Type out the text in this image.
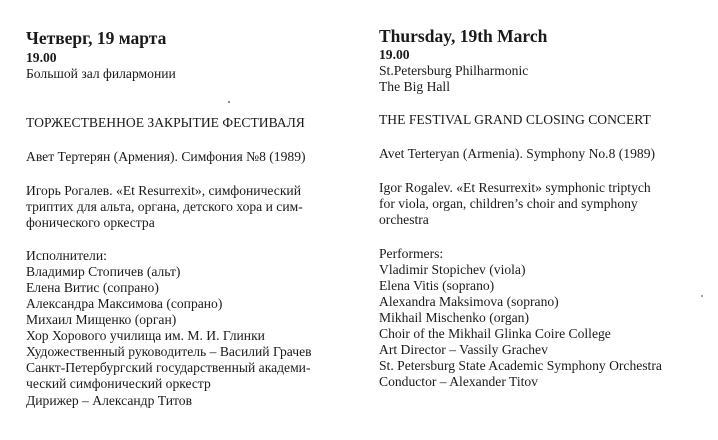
Четверг, 19 марта
19.00
Большой зал филармонии
ТОРЖЕСТВЕННОЕ ЗАКРЫТИЕ ФЕСТИВАЛЯ
Авет Тертерян (Армения). Симфония №8 (1989)
Игорь Рогалев. «Et Resurrexit», симфонический
триптих для альта, органа, детского хора и сим-
фонического оркестра
Исполнители:
Владимир Стопичев (альт)
Елена Витис (сопрано)
Александра Максимова (сопрано)
Михаил Мищенко (орган)
Хор Хорового училища им. М. И. Глинки
Художественный руководитель – Василий Грачев
Санкт-Петербургский государственный академи-
ческий симфонический оркестр
Дирижер – Александр Титов
Thursday, 19th March
19.00
St.Petersburg Philharmonic
The Big Hall
THE FESTIVAL GRAND CLOSING CONCERT
Avet Terteryan (Armenia). Symphony No.8 (1989)
Igor Rogalev. «Et Resurrexit» symphonic triptych
for viola, organ, children’s choir and symphony
orchestra
Performers:
Vladimir Stopichev (viola)
Elena Vitis (soprano)
Alexandra Maksimova (soprano)
Mikhail Mischenko (organ)
Choir of the Mikhail Glinka Coire College
Art Director – Vassily Grachev
St. Petersburg State Academic Symphony Orchestra
Conductor – Alexander Titov
